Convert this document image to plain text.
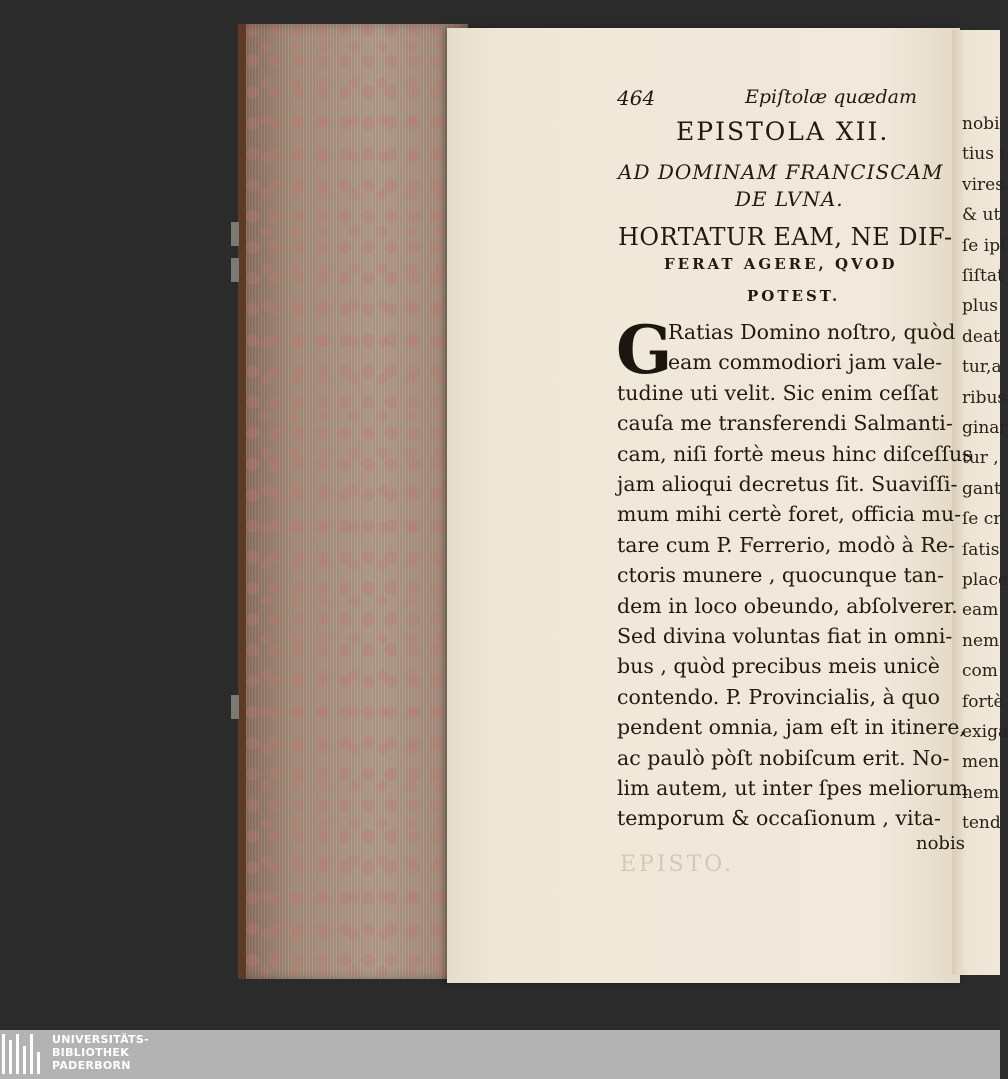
nobi
tius i
vires
& ut
ſe ipſ
ſiſtat
plus
deat.
tur,a
ribus
ginar
tur ,
gant.
ſe cr
ſatis
place
eam
nem
com
fortè
exiga
men
nem
tend
464	Epiſtolæ quædam
EPISTOLA XII.
AD DOMINAM FRANCISCAM
DE LVNA.
HORTATUR EAM, NE DIF-
FERAT AGERE, QVOD
POTEST.
G
Ratias Domino noſtro, quòd
eam commodiori jam vale-
tudine uti velit. Sic enim ceſſat
cauſa me transferendi Salmanti-
cam, niſi fortè meus hinc diſceſſus
jam alioqui decretus ſit. Suaviſſi-
mum mihi certè foret, officia mu-
tare cum P. Ferrerio, modò à Re-
ctoris munere , quocunque tan-
dem in loco obeundo, abſolverer.
Sed divina voluntas fiat in omni-
bus , quòd precibus meis unicè
contendo. P. Provincialis, à quo
pendent omnia, jam eſt in itinere,
ac paulò pòſt nobiſcum erit. No-
lim autem, ut inter ſpes meliorum
temporum & occaſionum , vita-
nobis
EPISTO.
UNIVERSITÄTS-
BIBLIOTHEK
PADERBORN
